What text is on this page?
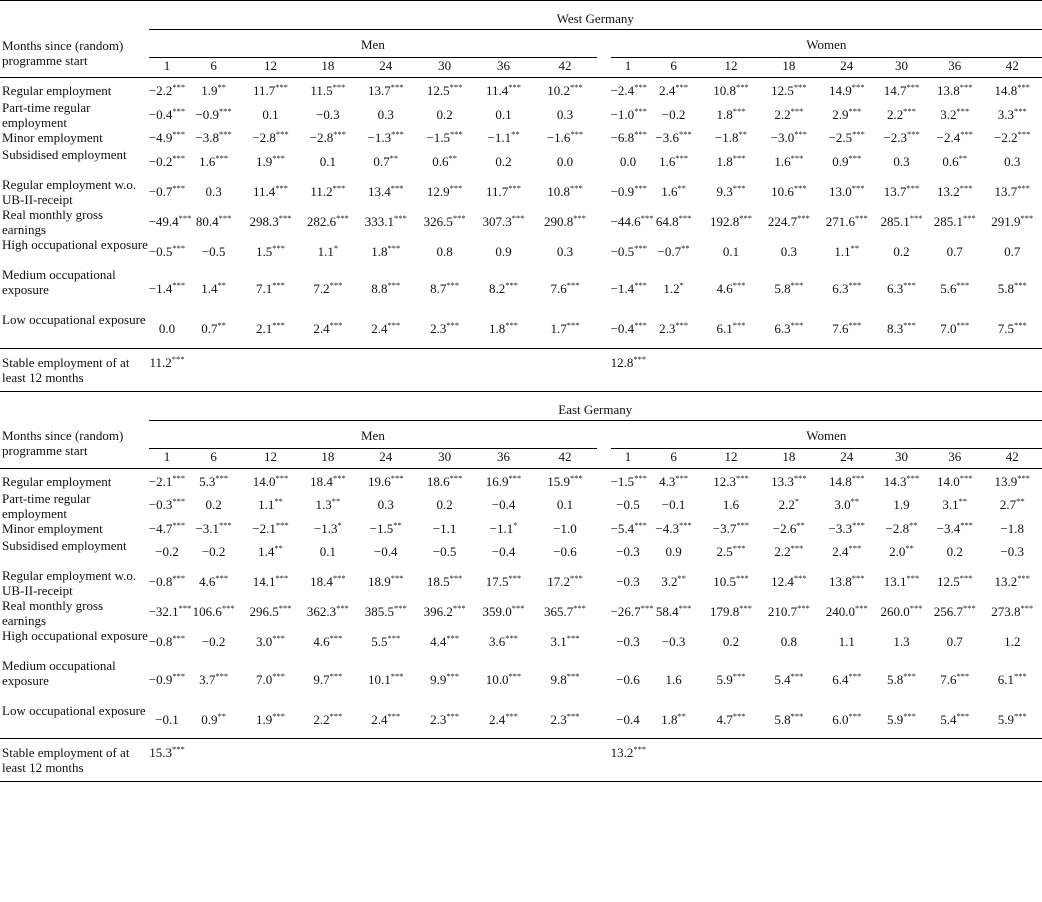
	West Germany																
Months since (random) programme start	Men									Women							
	1	6	12	18	24	30	36	42		1	6	12	18	24	30	36	42

Regular employment	−2.2***	1.9**	11.7***	11.5***	13.7***	12.5***	11.4***	10.2***		−2.4***	2.4***	10.8***	12.5***	14.9***	14.7***	13.8***	14.8***
Part-time regular employment	−0.4***	−0.9***	0.1	−0.3	0.3	0.2	0.1	0.3		−1.0***	−0.2	1.8***	2.2***	2.9***	2.2***	3.2***	3.3***
Minor employment	−4.9***	−3.8***	−2.8***	−2.8***	−1.3***	−1.5***	−1.1**	−1.6***		−6.8***	−3.6***	−1.8**	−3.0***	−2.5***	−2.3***	−2.4***	−2.2***
Subsidised employment	−0.2***	1.6***	1.9***	0.1	0.7**	0.6**	0.2	0.0		0.0	1.6***	1.8***	1.6***	0.9***	0.3	0.6**	0.3
Regular employment w.o. UB-II-receipt	−0.7***	0.3	11.4***	11.2***	13.4***	12.9***	11.7***	10.8***		−0.9***	1.6**	9.3***	10.6***	13.0***	13.7***	13.2***	13.7***
Real monthly gross earnings	−49.4***	80.4***	298.3***	282.6***	333.1***	326.5***	307.3***	290.8***		−44.6***	64.8***	192.8***	224.7***	271.6***	285.1***	285.1***	291.9***
High occupational exposure	−0.5***	−0.5	1.5***	1.1*	1.8***	0.8	0.9	0.3		−0.5***	−0.7**	0.1	0.3	1.1**	0.2	0.7	0.7
Medium occupational exposure	−1.4***	1.4**	7.1***	7.2***	8.8***	8.7***	8.2***	7.6***		−1.4***	1.2*	4.6***	5.8***	6.3***	6.3***	5.6***	5.8***
Low occupational exposure	0.0	0.7**	2.1***	2.4***	2.4***	2.3***	1.8***	1.7***		−0.4***	2.3***	6.1***	6.3***	7.6***	8.3***	7.0***	7.5***
Stable employment of at least 12 months	11.2***									12.8***							
	East Germany																
Months since (random) programme start	Men									Women							
	1	6	12	18	24	30	36	42		1	6	12	18	24	30	36	42

Regular employment	−2.1***	5.3***	14.0***	18.4***	19.6***	18.6***	16.9***	15.9***		−1.5***	4.3***	12.3***	13.3***	14.8***	14.3***	14.0***	13.9***
Part-time regular employment	−0.3***	0.2	1.1**	1.3**	0.3	0.2	−0.4	0.1		−0.5	−0.1	1.6	2.2*	3.0**	1.9	3.1**	2.7**
Minor employment	−4.7***	−3.1***	−2.1***	−1.3*	−1.5**	−1.1	−1.1*	−1.0		−5.4***	−4.3***	−3.7***	−2.6**	−3.3***	−2.8**	−3.4***	−1.8
Subsidised employment	−0.2	−0.2	1.4**	0.1	−0.4	−0.5	−0.4	−0.6		−0.3	0.9	2.5***	2.2***	2.4***	2.0**	0.2	−0.3
Regular employment w.o. UB-II-receipt	−0.8***	4.6***	14.1***	18.4***	18.9***	18.5***	17.5***	17.2***		−0.3	3.2**	10.5***	12.4***	13.8***	13.1***	12.5***	13.2***
Real monthly gross earnings	−32.1***	106.6***	296.5***	362.3***	385.5***	396.2***	359.0***	365.7***		−26.7***	58.4***	179.8***	210.7***	240.0***	260.0***	256.7***	273.8***
High occupational exposure	−0.8***	−0.2	3.0***	4.6***	5.5***	4.4***	3.6***	3.1***		−0.3	−0.3	0.2	0.8	1.1	1.3	0.7	1.2
Medium occupational exposure	−0.9***	3.7***	7.0***	9.7***	10.1***	9.9***	10.0***	9.8***		−0.6	1.6	5.9***	5.4***	6.4***	5.8***	7.6***	6.1***
Low occupational exposure	−0.1	0.9**	1.9***	2.2***	2.4***	2.3***	2.4***	2.3***		−0.4	1.8**	4.7***	5.8***	6.0***	5.9***	5.4***	5.9***
Stable employment of at least 12 months	15.3***									13.2***							
